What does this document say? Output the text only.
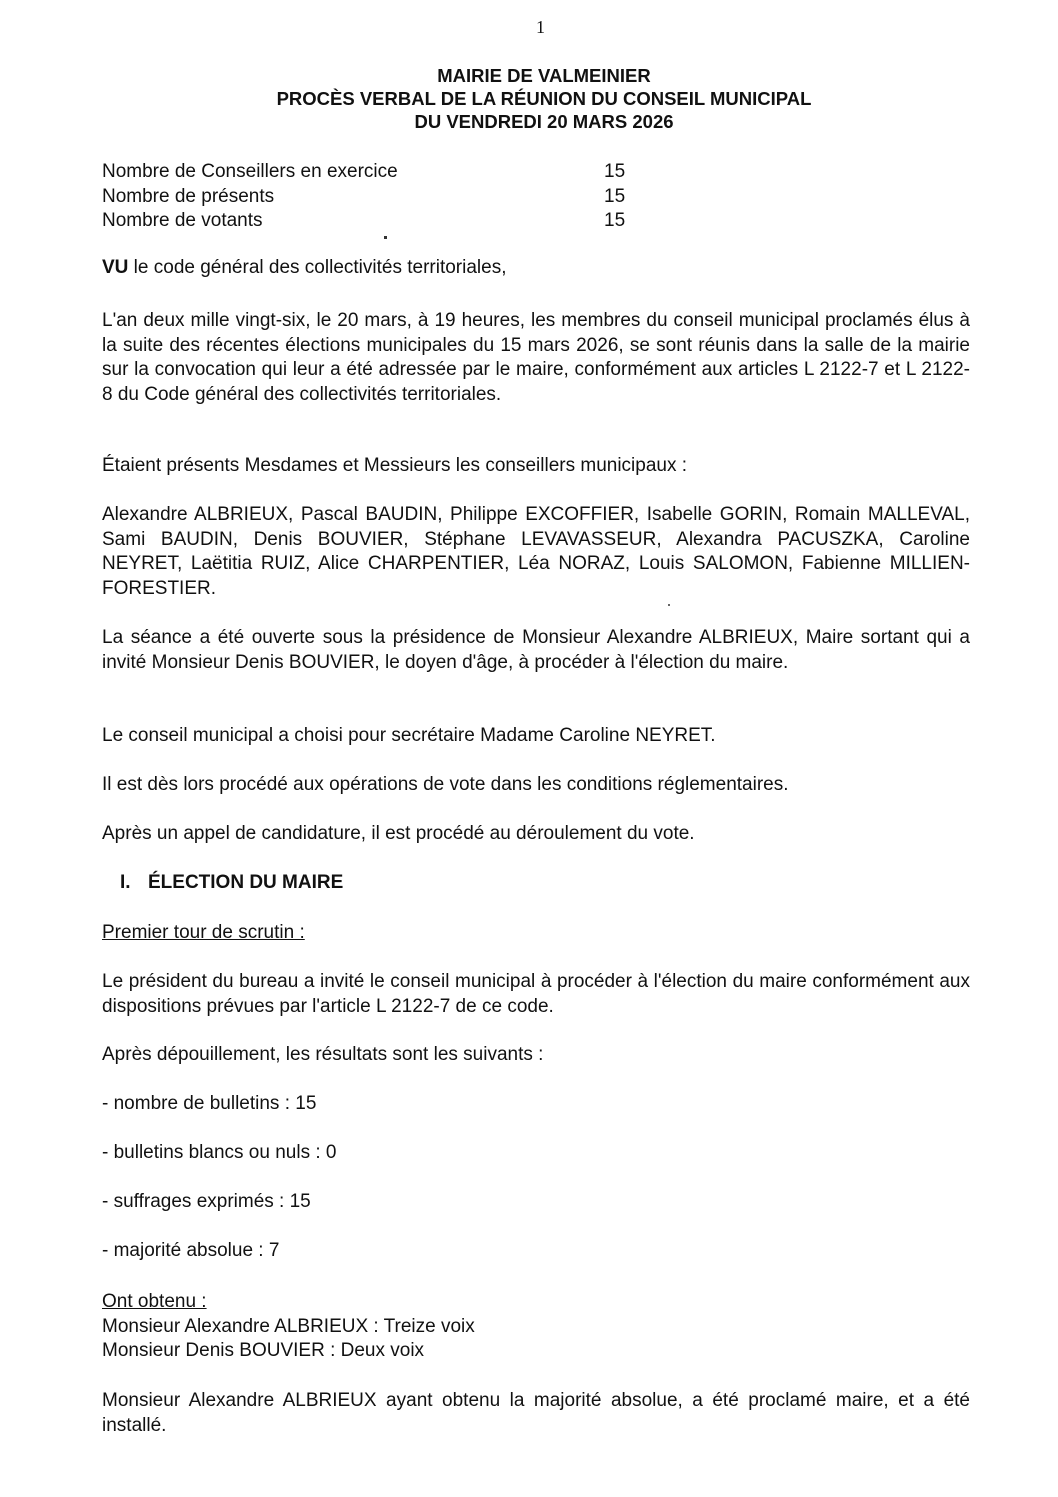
1
MAIRIE DE VALMEINIER
PROCÈS VERBAL DE LA RÉUNION DU CONSEIL MUNICIPAL
DU VENDREDI 20 MARS 2026
Nombre de Conseillers en exercice	15
Nombre de présents	15
Nombre de votants	15
VU le code général des collectivités territoriales,
L'an deux mille vingt-six, le 20 mars, à 19 heures, les membres du conseil municipal proclamés élus à la suite des récentes élections municipales du 15 mars 2026, se sont réunis dans la salle de la mairie sur la convocation qui leur a été adressée par le maire, conformément aux articles L 2122-7 et L 2122-8 du Code général des collectivités territoriales.
Étaient présents Mesdames et Messieurs les conseillers municipaux :
Alexandre ALBRIEUX, Pascal BAUDIN, Philippe EXCOFFIER, Isabelle GORIN, Romain MALLEVAL, Sami BAUDIN, Denis BOUVIER, Stéphane LEVAVASSEUR, Alexandra PACUSZKA, Caroline NEYRET, Laëtitia RUIZ, Alice CHARPENTIER, Léa NORAZ, Louis SALOMON, Fabienne MILLIEN-FORESTIER.
La séance a été ouverte sous la présidence de Monsieur Alexandre ALBRIEUX, Maire sortant qui a invité Monsieur Denis BOUVIER, le doyen d'âge, à procéder à l'élection du maire.
Le conseil municipal a choisi pour secrétaire Madame Caroline NEYRET.
Il est dès lors procédé aux opérations de vote dans les conditions réglementaires.
Après un appel de candidature, il est procédé au déroulement du vote.
I. ÉLECTION DU MAIRE
Premier tour de scrutin :
Le président du bureau a invité le conseil municipal à procéder à l'élection du maire conformément aux dispositions prévues par l'article L 2122-7 de ce code.
Après dépouillement, les résultats sont les suivants :
- nombre de bulletins : 15
- bulletins blancs ou nuls : 0
- suffrages exprimés : 15
- majorité absolue : 7
Ont obtenu :
Monsieur Alexandre ALBRIEUX : Treize voix
Monsieur Denis BOUVIER : Deux voix
Monsieur Alexandre ALBRIEUX ayant obtenu la majorité absolue, a été proclamé maire, et a été installé.
